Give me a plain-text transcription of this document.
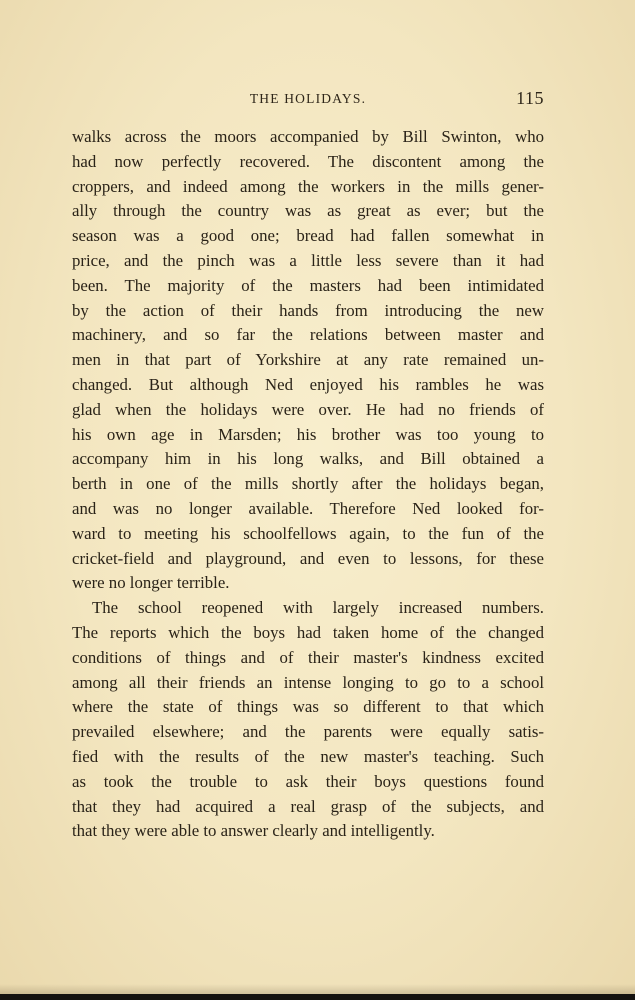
THE HOLIDAYS.	115
walks across the moors accompanied by Bill Swinton, who
had now perfectly recovered. The discontent among the
croppers, and indeed among the workers in the mills gener-
ally through the country was as great as ever; but the
season was a good one; bread had fallen somewhat in
price, and the pinch was a little less severe than it had
been. The majority of the masters had been intimidated
by the action of their hands from introducing the new
machinery, and so far the relations between master and
men in that part of Yorkshire at any rate remained un-
changed. But although Ned enjoyed his rambles he was
glad when the holidays were over. He had no friends of
his own age in Marsden; his brother was too young to
accompany him in his long walks, and Bill obtained a
berth in one of the mills shortly after the holidays began,
and was no longer available. Therefore Ned looked for-
ward to meeting his schoolfellows again, to the fun of the
cricket-field and playground, and even to lessons, for these
were no longer terrible.
The school reopened with largely increased numbers.
The reports which the boys had taken home of the changed
conditions of things and of their master's kindness excited
among all their friends an intense longing to go to a school
where the state of things was so different to that which
prevailed elsewhere; and the parents were equally satis-
fied with the results of the new master's teaching. Such
as took the trouble to ask their boys questions found
that they had acquired a real grasp of the subjects, and
that they were able to answer clearly and intelligently.
